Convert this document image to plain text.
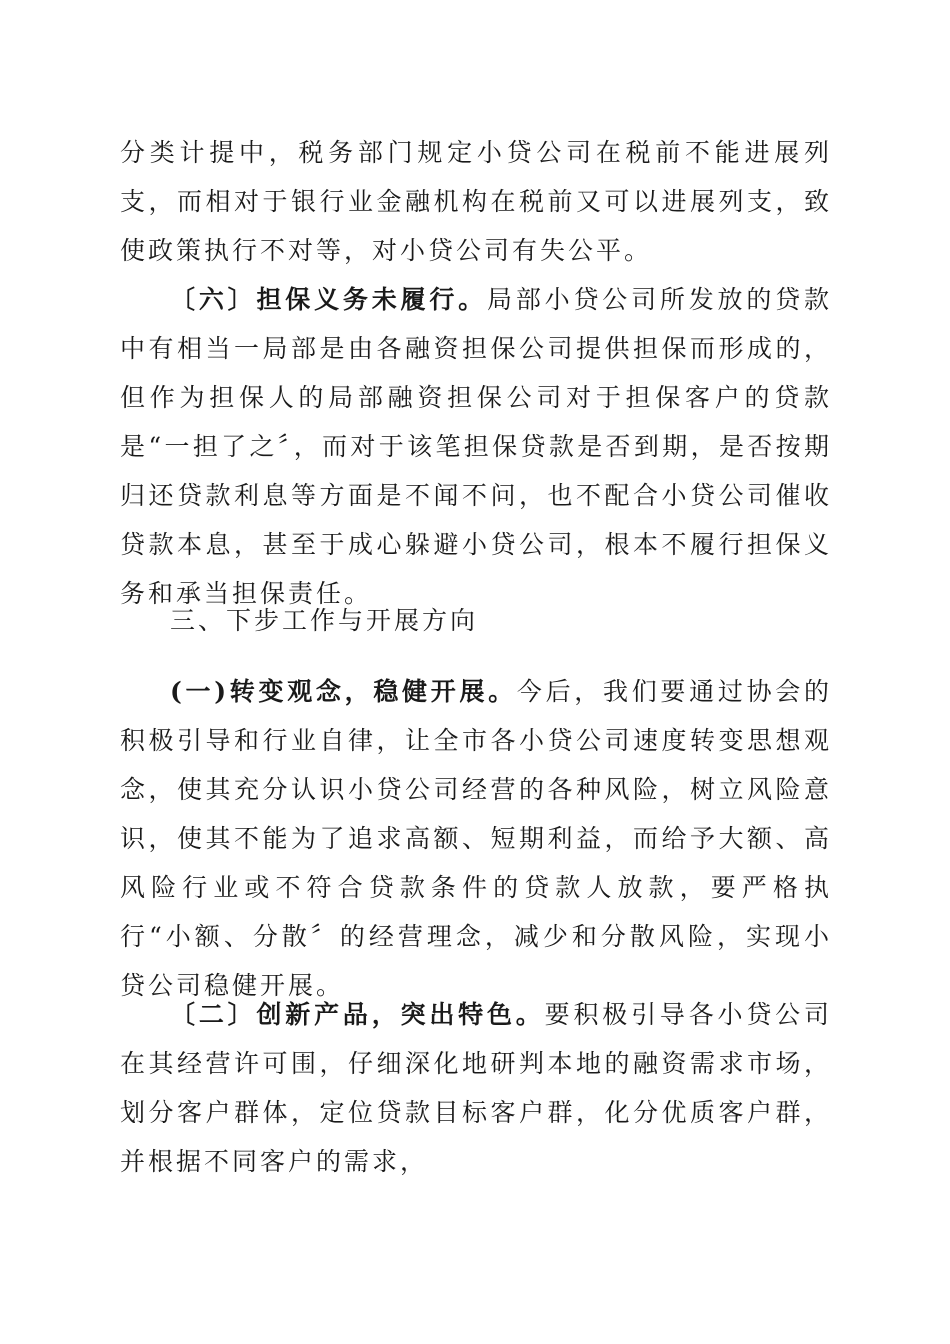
分类计提中，税务部门规定小贷公司在税前不能进展列支，而相对于银行业金融机构在税前又可以进展列支，致使政策执行不对等，对小贷公司有失公平。

〔六〕担保义务未履行。局部小贷公司所发放的贷款中有相当一局部是由各融资担保公司提供担保而形成的，但作为担保人的局部融资担保公司对于担保客户的贷款是“一担了之〞，而对于该笔担保贷款是否到期，是否按期归还贷款利息等方面是不闻不问，也不配合小贷公司催收贷款本息，甚至于成心躲避小贷公司，根本不履行担保义务和承当担保责任。

三、下步工作与开展方向

(一)转变观念，稳健开展。今后，我们要通过协会的积极引导和行业自律，让全市各小贷公司速度转变思想观念，使其充分认识小贷公司经营的各种风险，树立风险意识，使其不能为了追求高额、短期利益，而给予大额、高风险行业或不符合贷款条件的贷款人放款，要严格执行“小额、分散〞的经营理念，减少和分散风险，实现小贷公司稳健开展。

〔二〕创新产品，突出特色。要积极引导各小贷公司在其经营许可围，仔细深化地研判本地的融资需求市场，划分客户群体，定位贷款目标客户群，化分优质客户群，并根据不同客户的需求，
